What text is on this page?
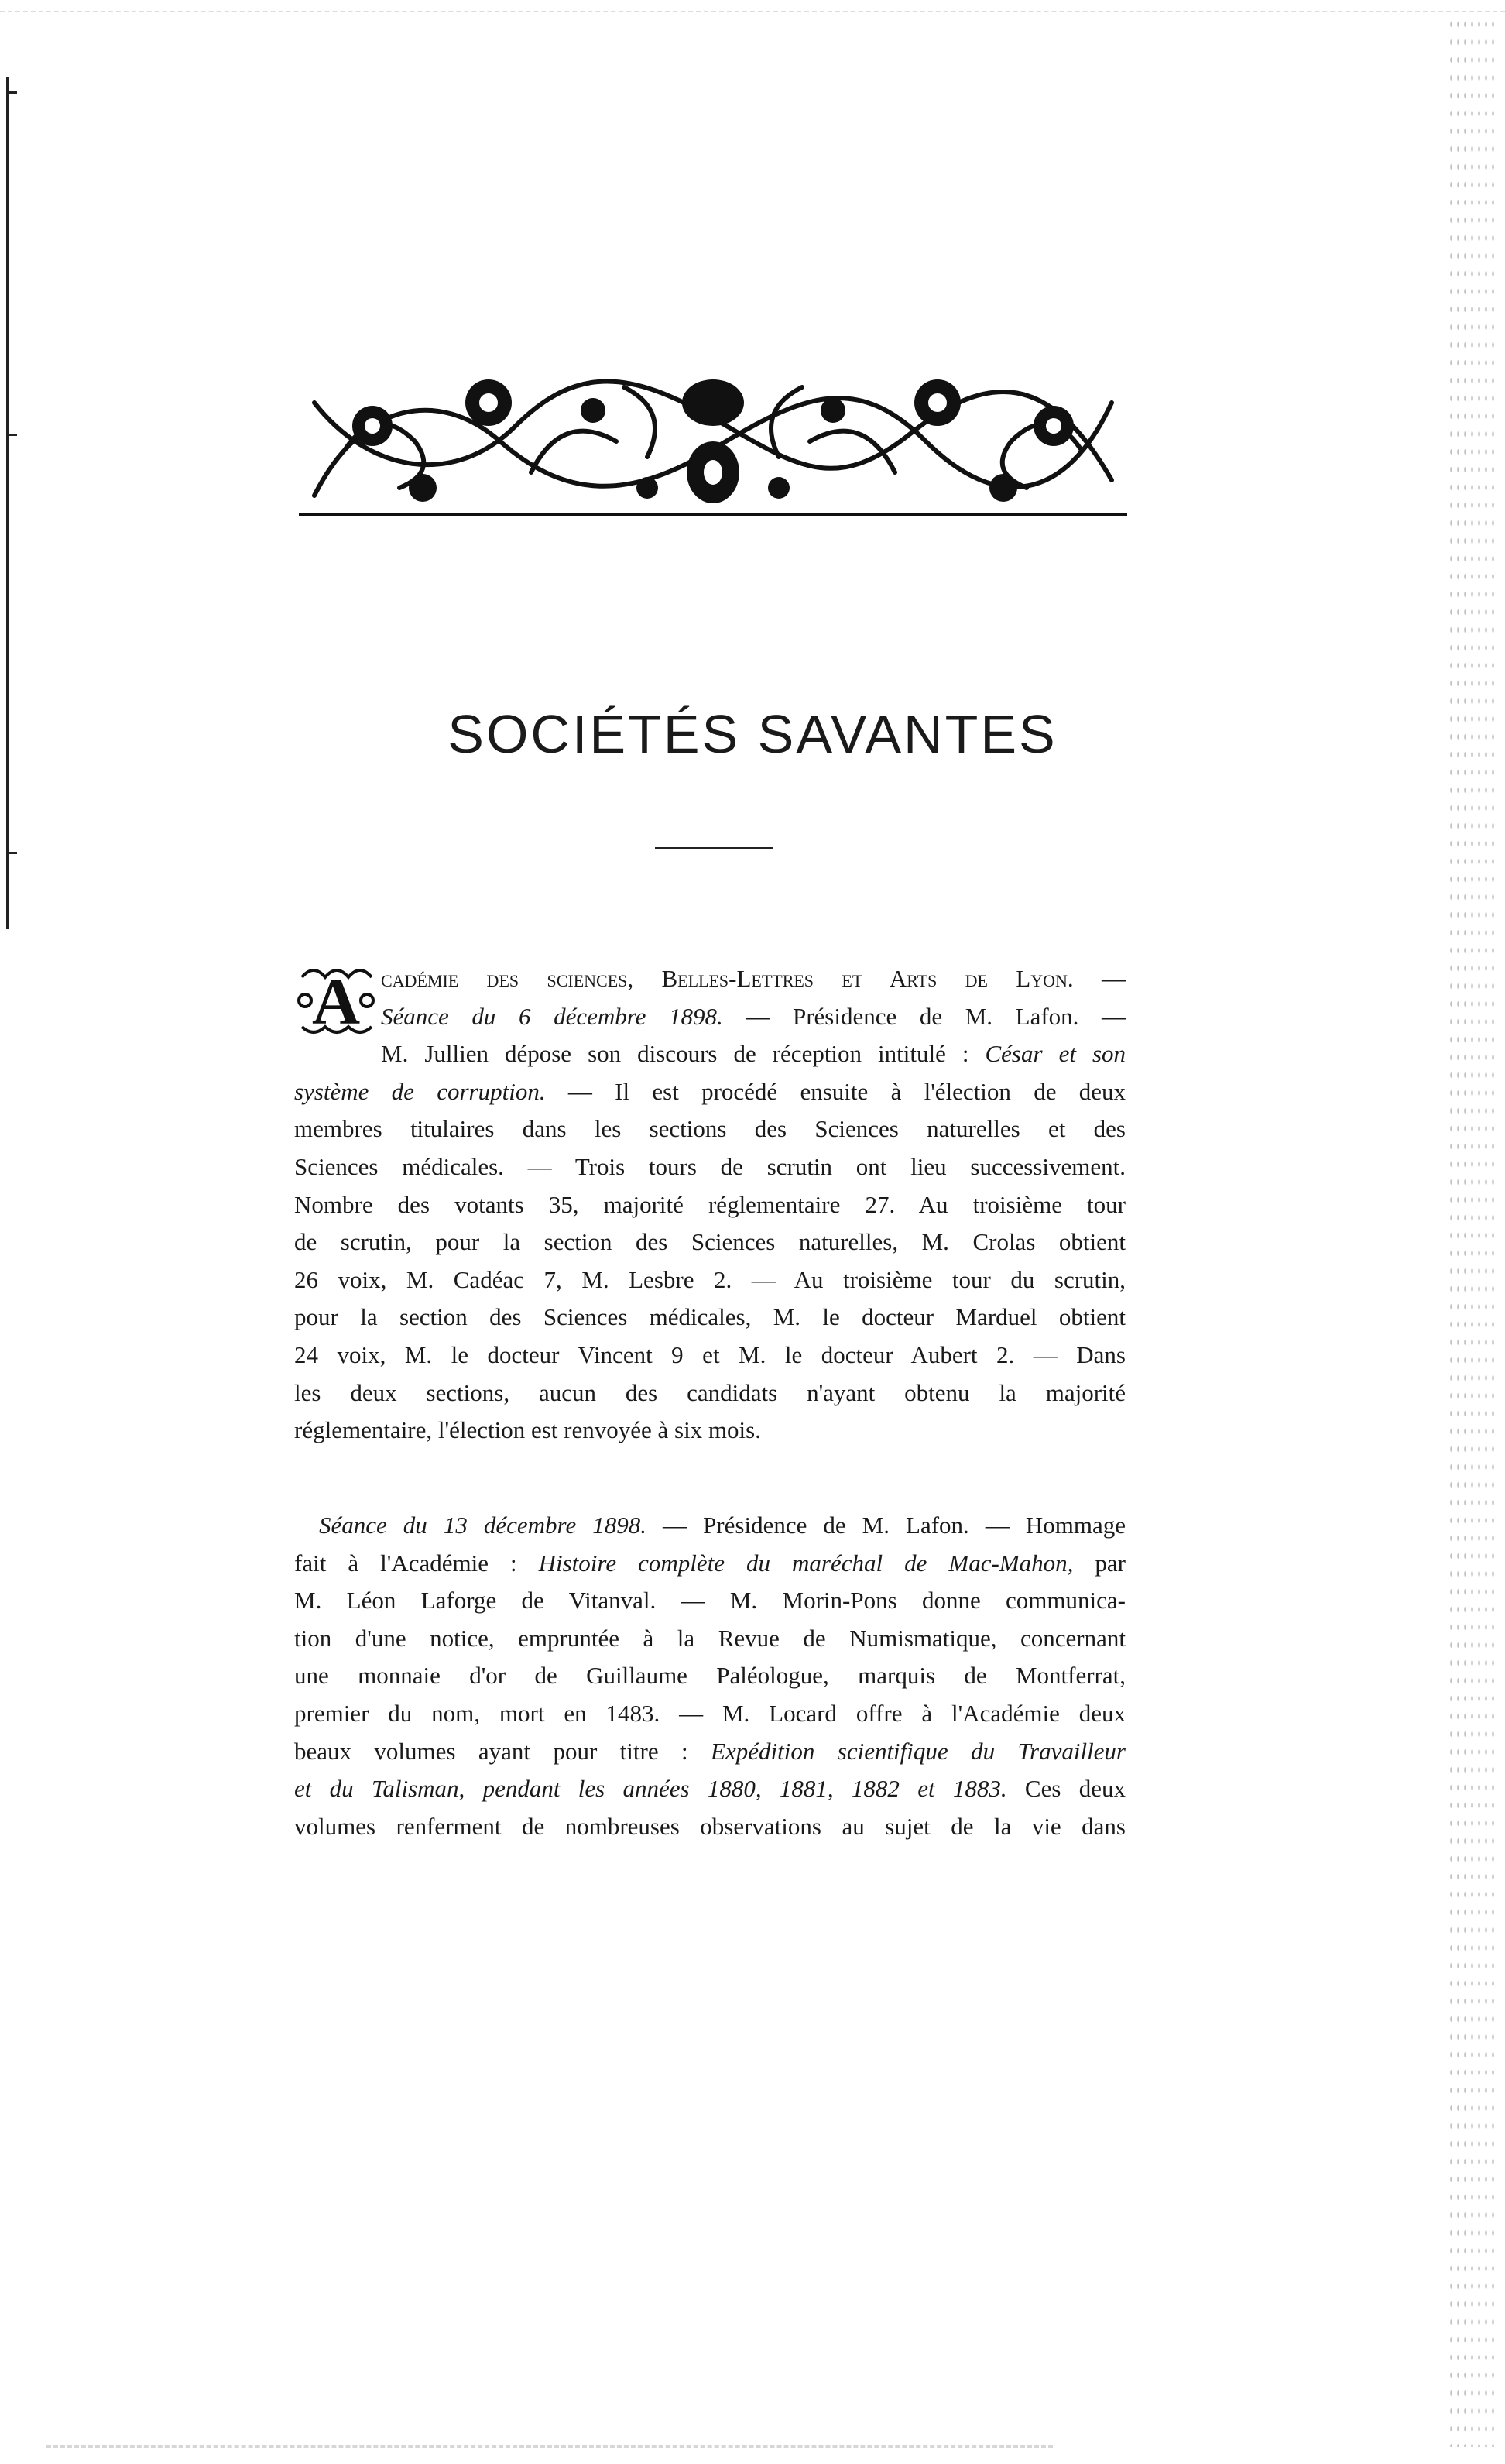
SOCIÉTÉS SAVANTES
A cadémie des sciences, Belles-Lettres et Arts de Lyon. —
Séance du 6 décembre 1898. — Présidence de M. Lafon. —
M. Jullien dépose son discours de réception intitulé : César et son
système de corruption. — Il est procédé ensuite à l'élection de deux
membres titulaires dans les sections des Sciences naturelles et des
Sciences médicales. — Trois tours de scrutin ont lieu successivement.
Nombre des votants 35, majorité réglementaire 27. Au troisième tour
de scrutin, pour la section des Sciences naturelles, M. Crolas obtient
26 voix, M. Cadéac 7, M. Lesbre 2. — Au troisième tour du scrutin,
pour la section des Sciences médicales, M. le docteur Marduel obtient
24 voix, M. le docteur Vincent 9 et M. le docteur Aubert 2. — Dans
les deux sections, aucun des candidats n'ayant obtenu la majorité
réglementaire, l'élection est renvoyée à six mois.
Séance du 13 décembre 1898. — Présidence de M. Lafon. — Hommage
fait à l'Académie : Histoire complète du maréchal de Mac-Mahon, par
M. Léon Laforge de Vitanval. — M. Morin-Pons donne communica-
tion d'une notice, empruntée à la Revue de Numismatique, concernant
une monnaie d'or de Guillaume Paléologue, marquis de Montferrat,
premier du nom, mort en 1483. — M. Locard offre à l'Académie deux
beaux volumes ayant pour titre : Expédition scientifique du Travailleur
et du Talisman, pendant les années 1880, 1881, 1882 et 1883. Ces deux
volumes renferment de nombreuses observations au sujet de la vie dans
